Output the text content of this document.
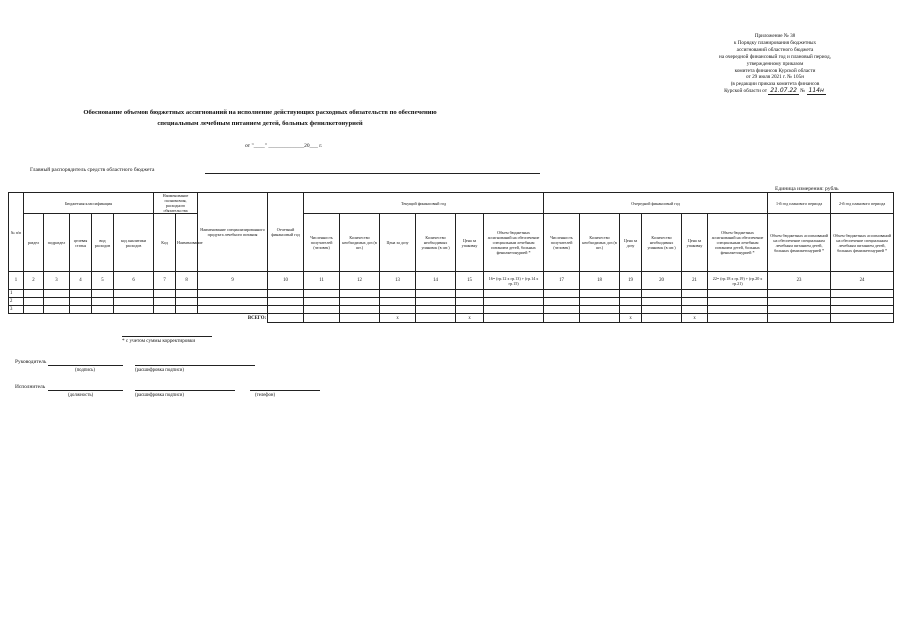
Приложение № 38
к Порядку планирования бюджетных
ассигнований областного бюджета
на очередной финансовый год и плановый период,
утвержденному приказом
комитета финансов Курской области
от 29 июля 2021 г. № 105н
(в редакции приказа комитета финансов
Курской области от 21.07.22 № 114н
Обоснование объемов бюджетных ассигнований на исполнение действующих расходных обязательств по обеспечению
специальным лечебным питанием детей, больных фенилкетонурией
от "____" _____________20___ г.
Главный распорядитель средств областного бюджета
Единица измерения: рубль
№ п/п	Бюджетная классификация					Наименование полномочия, расходного обязательства		Наименование специализированного продукта лечебного питания	Отчетный финансовый год	Текущий финансовый год						Очередной финансовый год						1-й год планового периода	2-й год планового периода
	раздел	подраздел	целевая статья	вид расходов	код аналитики расходов	Код	Наименование			Численность получателей (человек)	Количество необходимых доз (в шт.)	Цена за дозу	Количество необходимых упаковок (в шт.)	Цена за упаковку	Объем бюджетных ассигнований на обеспечение специальным лечебным питанием детей, больных фенилкетонурией *	Численность получателей (человек)	Количество необходимых доз (в шт.)	Цена за дозу	Количество необходимых упаковок (в шт.)	Цена за упаковку	Объем бюджетных ассигнований на обеспечение специальным лечебным питанием детей, больных фенилкетонурией *	Объем бюджетных ассигнований на обеспечение специальным лечебным питанием детей, больных фенилкетонурией *	Объем бюджетных ассигнований на обеспечение специальным лечебным питанием детей, больных фенилкетонурией *
1	2	3	4	5	6	7	8	9	10	11	12	13	14	15	16= (гр.12 х гр.13) + (гр.14 х гр.15)	17	18	19	20	21	22= (гр.18 х гр.19) + (гр.20 х гр.21)	23	24
1																							
2																							
3																							
ВСЕГО:												х		х				х		х			
* с учетом суммы корректировки
Руководитель
(подпись)	(расшифровка подписи)
Исполнитель
(должность)	(расшифровка подписи)	(телефон)
